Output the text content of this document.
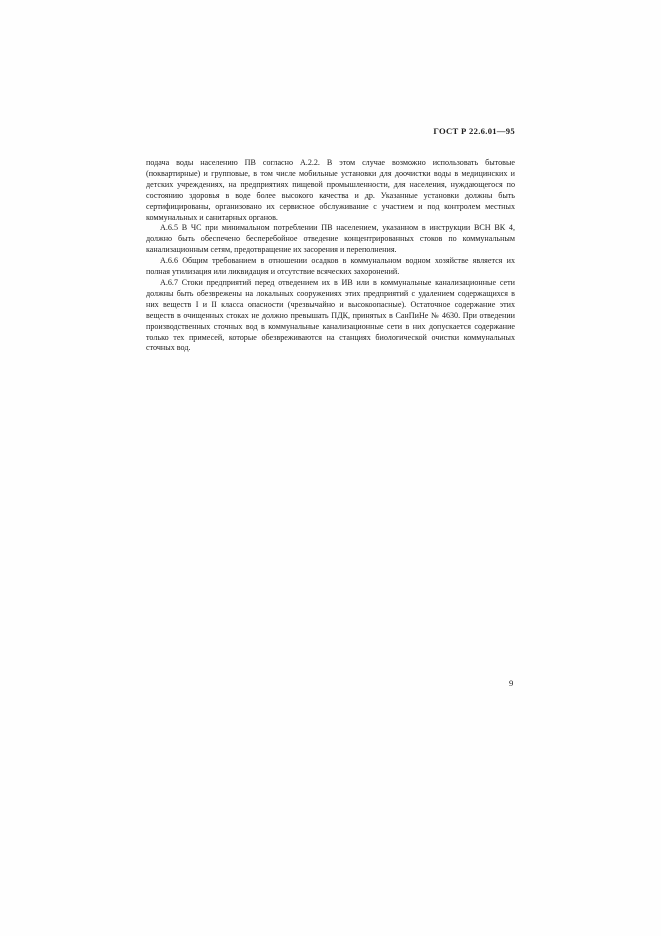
ГОСТ Р 22.6.01—95

подача воды населению ПВ согласно А.2.2. В этом случае возможно использовать бытовые (поквартирные) и групповые, в том числе мобильные установки для доочистки воды в медицинских и детских учреждениях, на предприятиях пищевой промышленности, для населения, нуждающегося по состоянию здоровья в воде более высокого качества и др. Указанные установки должны быть сертифицированы, организовано их сервисное обслуживание с участием и под контролем местных коммунальных и санитарных органов.

А.6.5 В ЧС при минимальном потреблении ПВ населением, указанном в инструкции ВСН ВК 4, должно быть обеспечено бесперебойное отведение концентрированных стоков по коммунальным канализационным сетям, предотвращение их засорения и переполнения.

А.6.6 Общим требованием в отношении осадков в коммунальном водном хозяйстве является их полная утилизация или ликвидация и отсутствие всяческих захоронений.

А.6.7 Стоки предприятий перед отведением их в ИВ или в коммунальные канализационные сети должны быть обезврежены на локальных сооружениях этих предприятий с удалением содержащихся в них веществ I и II класса опасности (чрезвычайно и высокоопасные). Остаточное содержание этих веществ в очищенных стоках не должно превышать ПДК, принятых в СанПиНе № 4630. При отведении производственных сточных вод в коммунальные канализационные сети в них допускается содержание только тех примесей, которые обезвреживаются на станциях биологической очистки коммунальных сточных вод.

9
